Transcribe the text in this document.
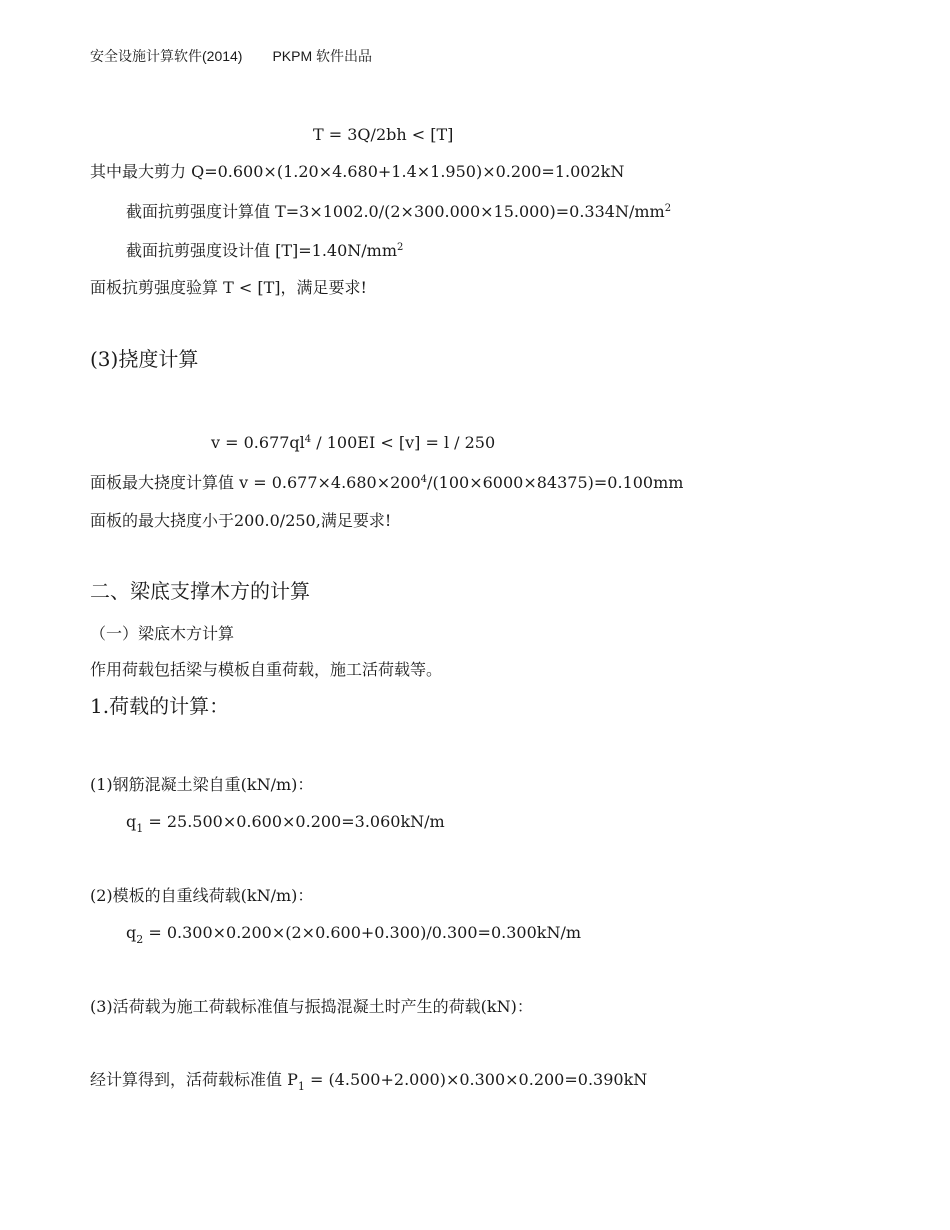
安全设施计算软件(2014) PKPM 软件出品
T = 3Q/2bh < [T]
其中最大剪力 Q=0.600×(1.20×4.680+1.4×1.950)×0.200=1.002kN
截面抗剪强度计算值 $T=3\times 1002.0/(2\times 300.000\times 15.000)=0.334N/mm^2$
截面抗剪强度设计值 $[T]=1.40N/mm^2$
面板抗剪强度验算 T < [T]，满足要求!
(3)挠度计算
$v = 0.677ql^4 / 100EI < [v] = l / 250$
面板最大挠度计算值 $v = 0.677\times 4.680\times 200^4/(100\times 6000\times 84375)=0.100mm$
面板的最大挠度小于200.0/250,满足要求!
二、梁底支撑木方的计算
（一）梁底木方计算
作用荷载包括梁与模板自重荷载，施工活荷载等。
1.荷载的计算：
(1)钢筋混凝土梁自重(kN/m)：
$q_1 = 25.500\times 0.600\times 0.200=3.060kN/m$
(2)模板的自重线荷载(kN/m)：
$q_2 = 0.300\times 0.200\times(2\times 0.600+0.300)/0.300=0.300kN/m$
(3)活荷载为施工荷载标准值与振捣混凝土时产生的荷载(kN)：
经计算得到，活荷载标准值 $P_1 = (4.500+2.000)\times 0.300\times 0.200=0.390kN$
